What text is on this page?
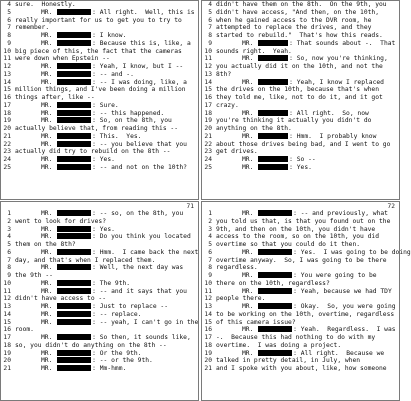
4 sure.  Honestly.
5	MR.	: All right.  Well, this is
6 really important for us to get you to try to
7 remember.
8	MR.	: I know.
9	MR.	: Because this is, like, a
10 big piece of this, the fact that the cameras
11 were down when Epstein --
12	MR.	: Yeah, I know, but I --
13	MR.	: -- and -.
14	MR.	: -- I was doing, like, a
15 million things, and I've been doing a million
16 things after, like --
17	MR.	: Sure.
18	MR.	: -- this happened.
19	MR.	: So, on the 8th, you
20 actually believe that, from reading this --
21	MR.	: This.  Yes.
22	MR.	: -- you believe that you
23 actually did try to rebuild on the 8th --
24	MR.	: Yes.
25	MR.	: -- and not on the 10th?
4 didn't have them on the 8th.  On the 9th, you
5 didn't have access, "And then, on the 10th,
6 when he gained access to the DVR room, he
7 attempted to replace the drives, and they
8 started to rebuild."  That's how this reads.
9	MR.	: That sounds about -.  That
10 sounds right.  Yeah.
11	MR.	: So, now you're thinking,
12 you actually did it on the 10th, and not the
13 8th?
14	MR.	: Yeah, I know I replaced
15 the drives on the 10th, because that's when
16 they told me, like, not to do it, and it got
17 crazy.
18	MR.	: All right.  So, now
19 you're thinking it actually you didn't do
20 anything on the 8th.
21	MR.	: Hmm.  I probably know
22 about those drives being bad, and I went to go
23 get drives.
24	MR.	: So --
25	MR.	: Yes.
71
1	MR.	: -- so, on the 8th, you
2 went to look for drives?
3	MR.	: Yes.
4	MR.	: Do you think you located
5 them on the 8th?
6	MR.	: Hmm.  I came back the next
7 day, and that's when I replaced them.
8	MR.	: Well, the next day was
9 the 9th --
10	MR.	: The 9th.
11	MR.	: -- and it says that you
12 didn't have access to --
13	MR.	: Just to replace --
14	MR.	: -- replace.
15	MR.	: -- yeah, I can't go in the
16 room.
17	MR.	: So then, it sounds like,
18 so, you didn't do anything on the 8th --
19	MR.	: Or the 9th.
20	MR.	: -- or the 9th.
21	MR.	: Mm-hmm.
72
1	MR.	: -- and previously, what
2 you told us that, is that you found out on the
3 9th, and then on the 10th, you didn't have
4 access to the room, so on the 10th, you did
5 overtime so that you could do it then.
6	MR.	: Yes.  I was going to be doing
7 overtime anyway.  So, I was going to be there
8 regardless.
9	MR.	: You were going to be
10 there on the 10th, regardless?
11	MR.	: Yeah, because we had TDY
12 people there.
13	MR.	: Okay.  So, you were going
14 to be working on the 10th, overtime, regardless
15 of this camera issue?
16	MR.	: Yeah.  Regardless.  I was
17 -.  Because this had nothing to do with my
18 overtime.  I was doing a project.
19	MR.	: All right.  Because we
20 talked in pretty detail, in July, when
21 and I spoke with you about, like, how someone
